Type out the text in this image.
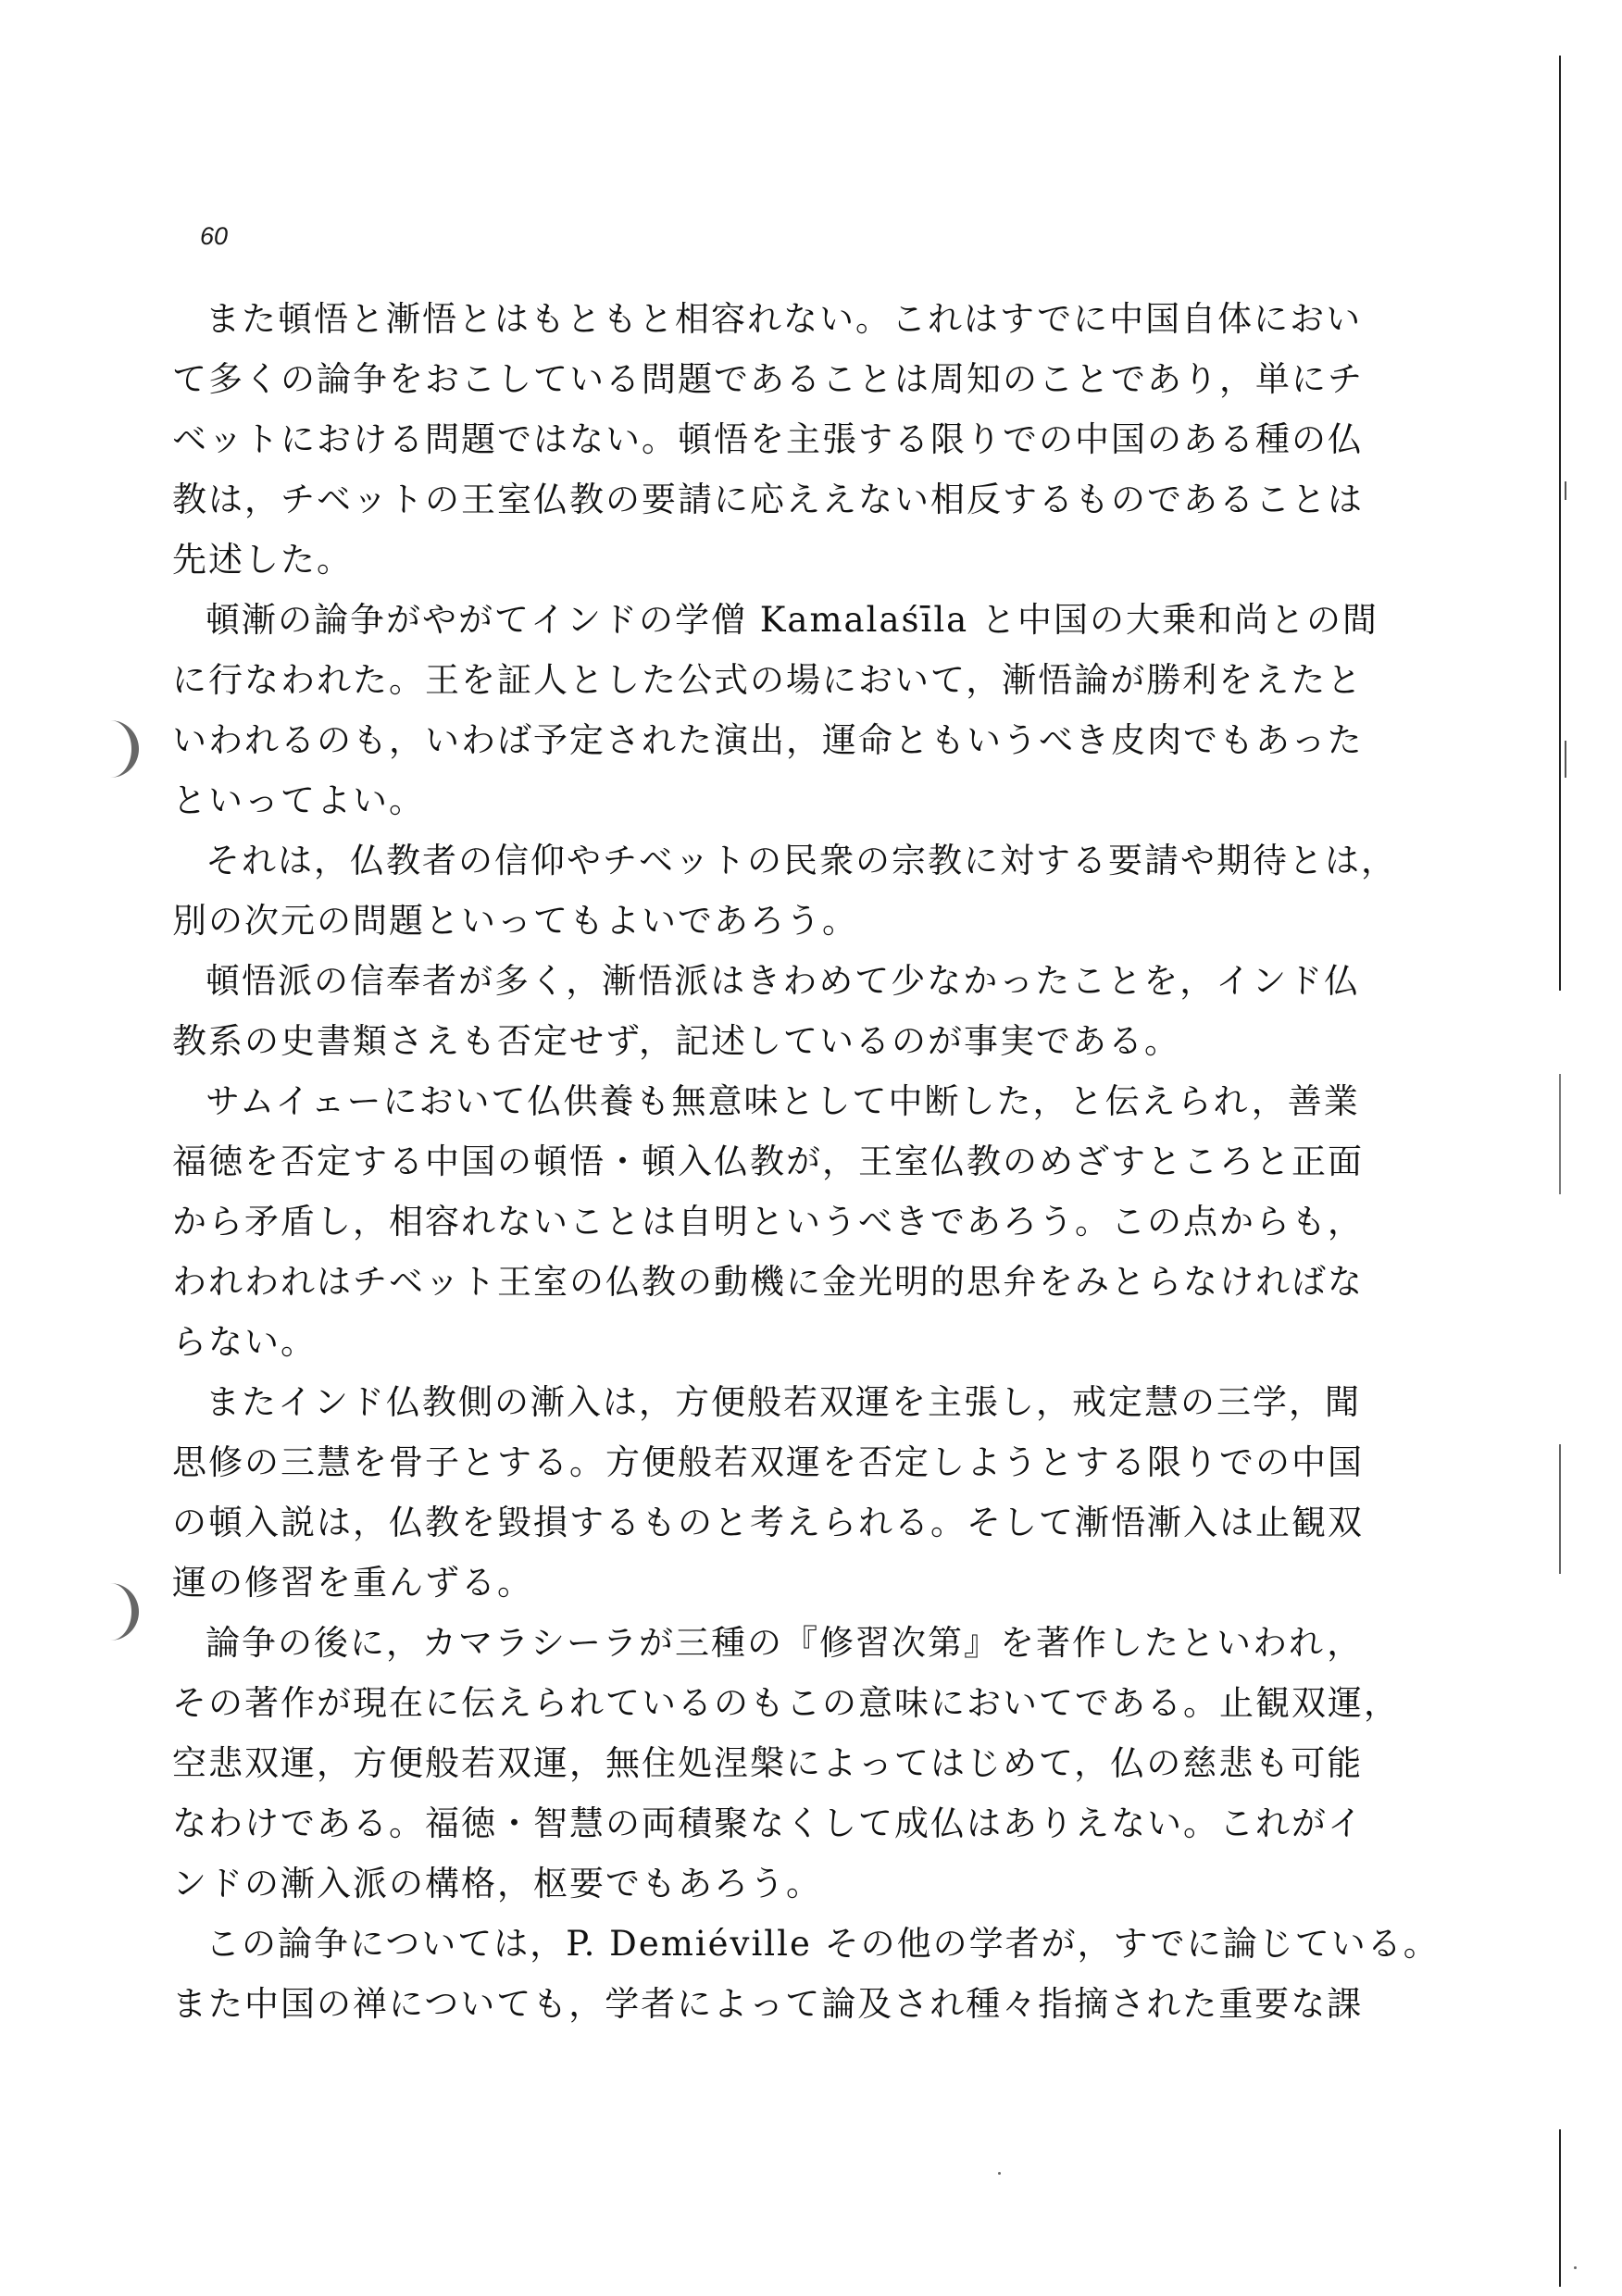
60
また頓悟と漸悟とはもともと相容れない。これはすでに中国自体におい
て多くの論争をおこしている問題であることは周知のことであり，単にチ
ベットにおける問題ではない。頓悟を主張する限りでの中国のある種の仏
教は，チベットの王室仏教の要請に応ええない相反するものであることは
先述した。
頓漸の論争がやがてインドの学僧 Kamalaśīla と中国の大乗和尚との間
に行なわれた。王を証人とした公式の場において，漸悟論が勝利をえたと
いわれるのも，いわば予定された演出，運命ともいうべき皮肉でもあった
といってよい。
それは，仏教者の信仰やチベットの民衆の宗教に対する要請や期待とは，
別の次元の問題といってもよいであろう。
頓悟派の信奉者が多く，漸悟派はきわめて少なかったことを，インド仏
教系の史書類さえも否定せず，記述しているのが事実である。
サムイェーにおいて仏供養も無意味として中断した，と伝えられ，善業
福徳を否定する中国の頓悟・頓入仏教が，王室仏教のめざすところと正面
から矛盾し，相容れないことは自明というべきであろう。この点からも，
われわれはチベット王室の仏教の動機に金光明的思弁をみとらなければな
らない。
またインド仏教側の漸入は，方便般若双運を主張し，戒定慧の三学，聞
思修の三慧を骨子とする。方便般若双運を否定しようとする限りでの中国
の頓入説は，仏教を毀損するものと考えられる。そして漸悟漸入は止観双
運の修習を重んずる。
論争の後に，カマラシーラが三種の『修習次第』を著作したといわれ，
その著作が現在に伝えられているのもこの意味においてである。止観双運，
空悲双運，方便般若双運，無住処涅槃によってはじめて，仏の慈悲も可能
なわけである。福徳・智慧の両積聚なくして成仏はありえない。これがイ
ンドの漸入派の構格，枢要でもあろう。
この論争については，P. Demiéville その他の学者が，すでに論じている。
また中国の禅についても，学者によって論及され種々指摘された重要な課
